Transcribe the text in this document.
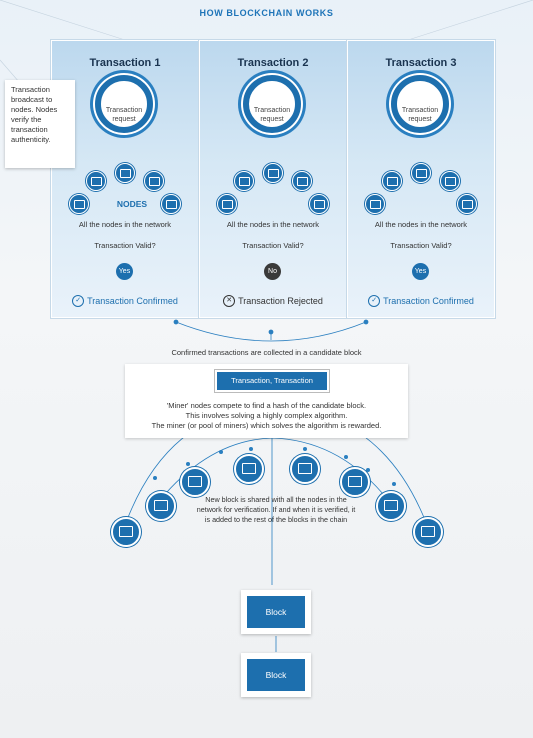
HOW BLOCKCHAIN WORKS
Transaction 1
Transaction request
NODES
All the nodes in the network
Transaction Valid?
Yes
✓ Transaction Confirmed
Transaction 2
Transaction request
All the nodes in the network
Transaction Valid?
No
✕ Transaction Rejected
Transaction 3
Transaction request
All the nodes in the network
Transaction Valid?
Yes
✓ Transaction Confirmed
Transaction broadcast to nodes. Nodes verify the transaction authenticity.
Confirmed transactions are collected in a candidate block
Transaction, Transaction
'Miner' nodes compete to find a hash of the candidate block.
This involves solving a highly complex algorithm.
The miner (or pool of miners) which solves the algorithm is rewarded.
New block is shared with all the nodes in the network for verification. If and when it is verified, it is added to the rest of the blocks in the chain
Block
Block
